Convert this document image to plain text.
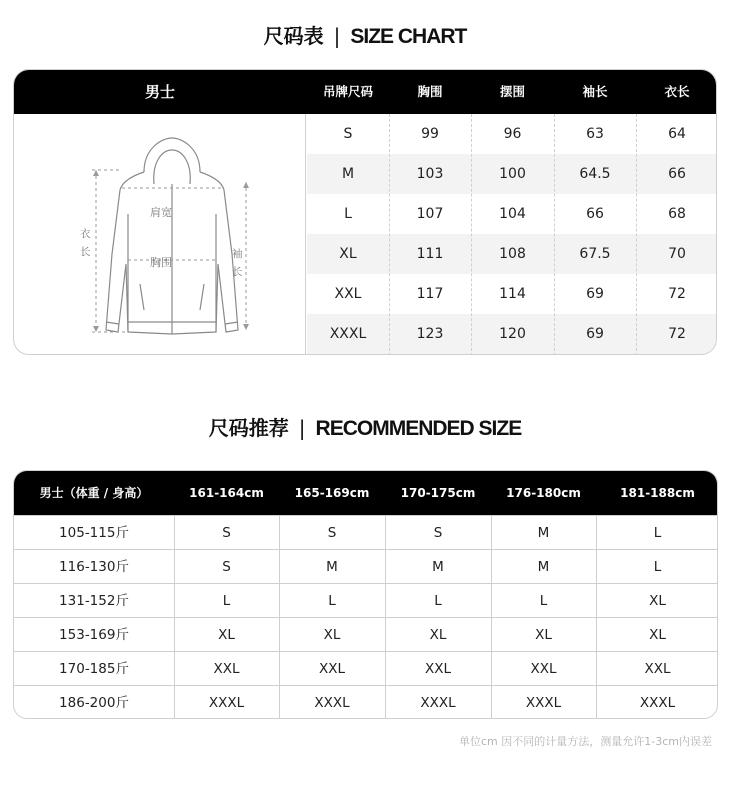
尺码表 | SIZE CHART
男士	吊牌尺码	胸围	摆围	袖长	衣长
肩宽
胸围
衣
长	袖
长
S	99	96	63	64
M	103	100	64.5	66
L	107	104	66	68
XL	111	108	67.5	70
XXL	117	114	69	72
XXXL	123	120	69	72
尺码推荐 | RECOMMENDED SIZE
男士（体重 / 身高）	161-164cm	165-169cm	170-175cm	176-180cm	181-188cm
105-115斤	S	S	S	M	L
116-130斤	S	M	M	M	L
131-152斤	L	L	L	L	XL
153-169斤	XL	XL	XL	XL	XL
170-185斤	XXL	XXL	XXL	XXL	XXL
186-200斤	XXXL	XXXL	XXXL	XXXL	XXXL
单位cm 因不同的计量方法，测量允许1-3cm内误差
